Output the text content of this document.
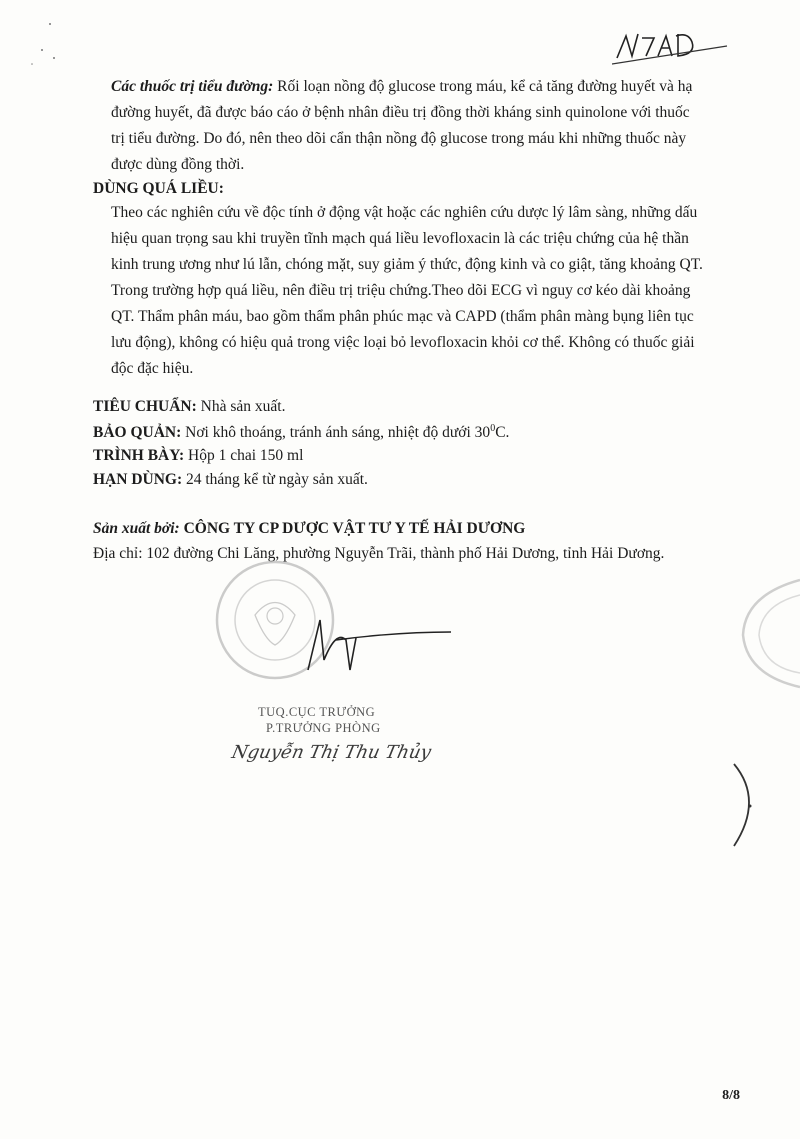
Các thuốc trị tiểu đường: Rối loạn nồng độ glucose trong máu, kể cả tăng đường huyết và hạ
đường huyết, đã được báo cáo ở bệnh nhân điều trị đồng thời kháng sinh quinolone với thuốc
trị tiểu đường. Do đó, nên theo dõi cẩn thận nồng độ glucose trong máu khi những thuốc này
được dùng đồng thời.
DÙNG QUÁ LIỀU:
Theo các nghiên cứu về độc tính ở động vật hoặc các nghiên cứu dược lý lâm sàng, những dấu
hiệu quan trọng sau khi truyền tĩnh mạch quá liều levofloxacin là các triệu chứng của hệ thần
kinh trung ương như lú lẫn, chóng mặt, suy giảm ý thức, động kinh và co giật, tăng khoảng QT.
Trong trường hợp quá liều, nên điều trị triệu chứng.Theo dõi ECG vì nguy cơ kéo dài khoảng
QT. Thẩm phân máu, bao gồm thẩm phân phúc mạc và CAPD (thẩm phân màng bụng liên tục
lưu động), không có hiệu quả trong việc loại bỏ levofloxacin khỏi cơ thể. Không có thuốc giải
độc đặc hiệu.
TIÊU CHUẨN: Nhà sản xuất.
BẢO QUẢN: Nơi khô thoáng, tránh ánh sáng, nhiệt độ dưới $30^0C$.
TRÌNH BÀY: Hộp 1 chai 150 ml
HẠN DÙNG: 24 tháng kể từ ngày sản xuất.
Sản xuất bởi: CÔNG TY CP DƯỢC VẬT TƯ Y TẾ HẢI DƯƠNG
Địa chỉ: 102 đường Chi Lăng, phường Nguyễn Trãi, thành phố Hải Dương, tỉnh Hải Dương.
TUQ.CỤC TRƯỞNG
P.TRƯỞNG PHÒNG
Nguyễn Thị Thu Thủy
8/8
